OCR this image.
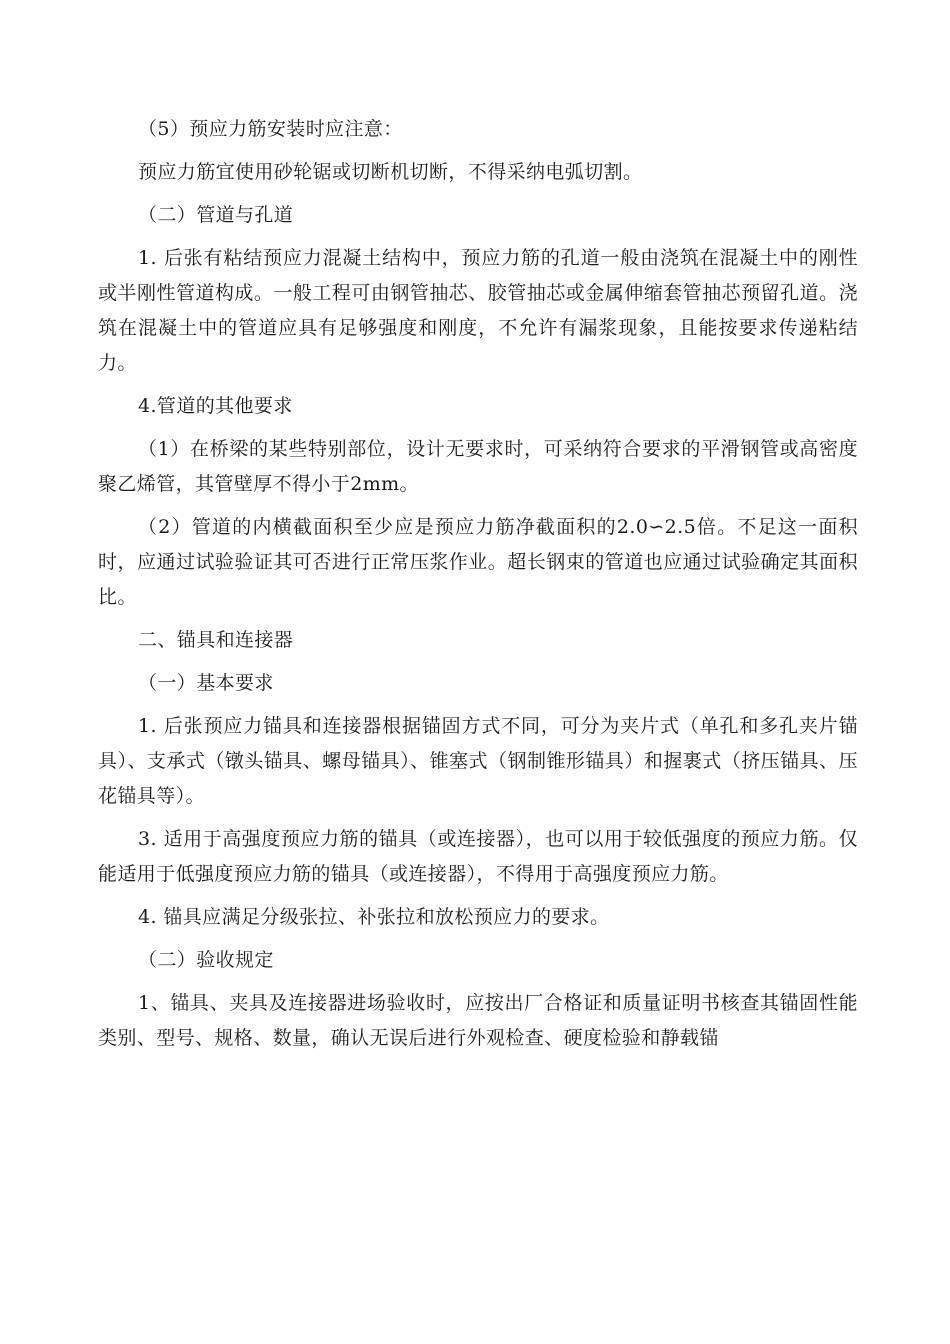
（5）预应力筋安装时应注意：

预应力筋宜使用砂轮锯或切断机切断，不得采纳电弧切割。

（二）管道与孔道

1. 后张有粘结预应力混凝土结构中，预应力筋的孔道一般由浇筑在混凝土中的刚性或半刚性管道构成。一般工程可由钢管抽芯、胶管抽芯或金属伸缩套管抽芯预留孔道。浇筑在混凝土中的管道应具有足够强度和刚度，不允许有漏浆现象，且能按要求传递粘结力。

4.管道的其他要求

（1）在桥梁的某些特别部位，设计无要求时，可采纳符合要求的平滑钢管或高密度聚乙烯管，其管壁厚不得小于2mm。

（2）管道的内横截面积至少应是预应力筋净截面积的2.0∽2.5倍。不足这一面积时，应通过试验验证其可否进行正常压浆作业。超长钢束的管道也应通过试验确定其面积比。

二、锚具和连接器

（一）基本要求

1. 后张预应力锚具和连接器根据锚固方式不同，可分为夹片式（单孔和多孔夹片锚具）、支承式（镦头锚具、螺母锚具）、锥塞式（钢制锥形锚具）和握裹式（挤压锚具、压花锚具等）。

3. 适用于高强度预应力筋的锚具（或连接器），也可以用于较低强度的预应力筋。仅能适用于低强度预应力筋的锚具（或连接器），不得用于高强度预应力筋。

4. 锚具应满足分级张拉、补张拉和放松预应力的要求。

（二）验收规定

1、锚具、夹具及连接器进场验收时，应按出厂合格证和质量证明书核查其锚固性能类别、型号、规格、数量，确认无误后进行外观检查、硬度检验和静载锚
